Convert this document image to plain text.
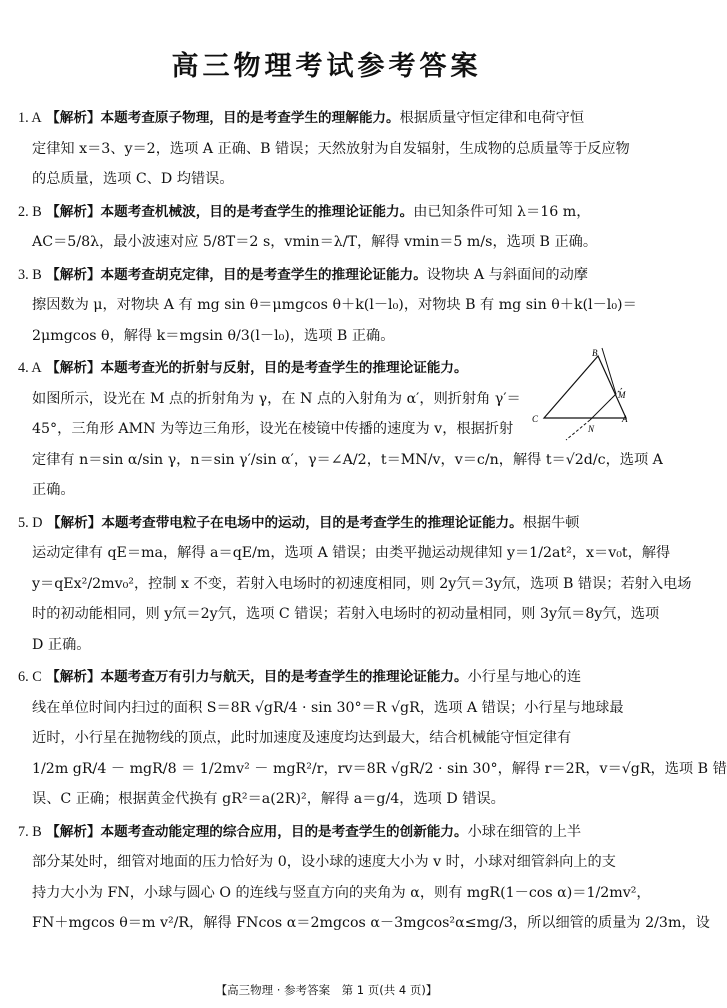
高三物理考试参考答案
1. A 【解析】本题考查原子物理，目的是考查学生的理解能力。根据质量守恒定律和电荷守恒
定律知 x＝3、y＝2，选项 A 正确、B 错误；天然放射为自发辐射，生成物的总质量等于反应物
的总质量，选项 C、D 均错误。
2. B 【解析】本题考查机械波，目的是考查学生的推理论证能力。由已知条件可知 λ＝16 m，
AC＝5/8λ，最小波速对应 5/8T＝2 s，vmin＝λ/T，解得 vmin＝5 m/s，选项 B 正确。
3. B 【解析】本题考查胡克定律，目的是考查学生的推理论证能力。设物块 A 与斜面间的动摩
擦因数为 μ，对物块 A 有 mg sin θ＝μmgcos θ＋k(l－l₀)，对物块 B 有 mg sin θ＋k(l－l₀)＝
2μmgcos θ，解得 k＝mgsin θ/3(l－l₀)，选项 B 正确。
4. A 【解析】本题考查光的折射与反射，目的是考查学生的推理论证能力。
如图所示，设光在 M 点的折射角为 γ，在 N 点的入射角为 α′，则折射角 γ′＝
45°，三角形 AMN 为等边三角形，设光在棱镜中传播的速度为 v，根据折射
定律有 n＝sin α/sin γ，n＝sin γ′/sin α′，γ＝∠A/2，t＝MN/v，v＝c/n，解得 t＝√2d/c，选项 A
正确。
5. D 【解析】本题考查带电粒子在电场中的运动，目的是考查学生的推理论证能力。根据牛顿
运动定律有 qE＝ma，解得 a＝qE/m，选项 A 错误；由类平抛运动规律知 y＝1/2at²，x＝v₀t，解得
y＝qEx²/2mv₀²，控制 x 不变，若射入电场时的初速度相同，则 2y氕＝3y氘，选项 B 错误；若射入电场
时的初动能相同，则 y氘＝2y氕，选项 C 错误；若射入电场时的初动量相同，则 3y氘＝8y氕，选项
D 正确。
6. C 【解析】本题考查万有引力与航天，目的是考查学生的推理论证能力。小行星与地心的连
线在单位时间内扫过的面积 S＝8R √gR/4 · sin 30°＝R √gR，选项 A 错误；小行星与地球最
近时，小行星在抛物线的顶点，此时加速度及速度均达到最大，结合机械能守恒定律有
1/2m gR/4 － mgR/8 ＝ 1/2mv² － mgR²/r，rv＝8R √gR/2 · sin 30°，解得 r＝2R，v＝√gR，选项 B 错
误、C 正确；根据黄金代换有 gR²＝a(2R)²，解得 a＝g/4，选项 D 错误。
7. B 【解析】本题考查动能定理的综合应用，目的是考查学生的创新能力。小球在细管的上半
部分某处时，细管对地面的压力恰好为 0，设小球的速度大小为 v 时，小球对细管斜向上的支
持力大小为 FN，小球与圆心 O 的连线与竖直方向的夹角为 α，则有 mgR(1－cos α)＝1/2mv²，
FN＋mgcos θ＝m v²/R，解得 FNcos α＝2mgcos α－3mgcos²α≤mg/3，所以细管的质量为 2/3m，设
B
C	A
M
N
【高三物理 · 参考答案　第 1 页(共 4 页)】
